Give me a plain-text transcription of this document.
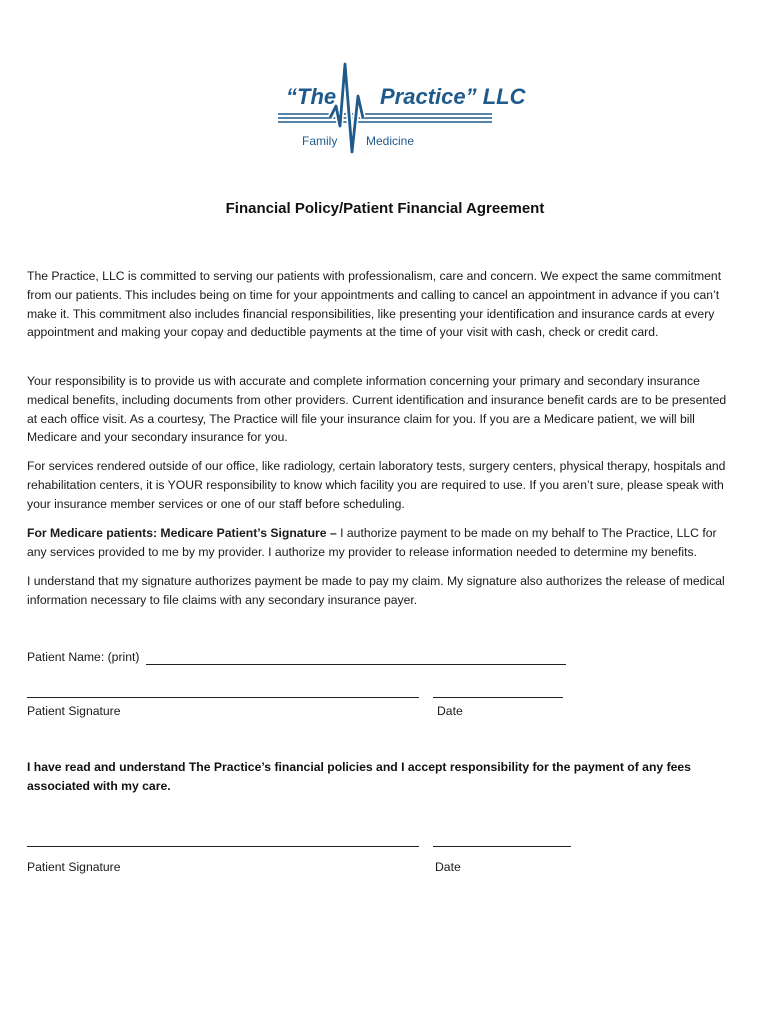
“The Practice” LLC
Family Medicine
Financial Policy/Patient Financial Agreement

The Practice, LLC is committed to serving our patients with professionalism, care and concern. We expect the same commitment from our patients. This includes being on time for your appointments and calling to cancel an appointment in advance if you can’t make it. This commitment also includes financial responsibilities, like presenting your identification and insurance cards at every appointment and making your copay and deductible payments at the time of your visit with cash, check or credit card.

Your responsibility is to provide us with accurate and complete information concerning your primary and secondary insurance medical benefits, including documents from other providers. Current identification and insurance benefit cards are to be presented at each office visit. As a courtesy, The Practice will file your insurance claim for you. If you are a Medicare patient, we will bill Medicare and your secondary insurance for you.

For services rendered outside of our office, like radiology, certain laboratory tests, surgery centers, physical therapy, hospitals and rehabilitation centers, it is YOUR responsibility to know which facility you are required to use. If you aren’t sure, please speak with your insurance member services or one of our staff before scheduling.

For Medicare patients: Medicare Patient’s Signature – I authorize payment to be made on my behalf to The Practice, LLC for any services provided to me by my provider. I authorize my provider to release information needed to determine my benefits.

I understand that my signature authorizes payment be made to pay my claim. My signature also authorizes the release of medical information necessary to file claims with any secondary insurance payer.

Patient Name: (print)
Patient Signature	Date
I have read and understand The Practice’s financial policies and I accept responsibility for the payment of any fees associated with my care.
Patient Signature	Date
